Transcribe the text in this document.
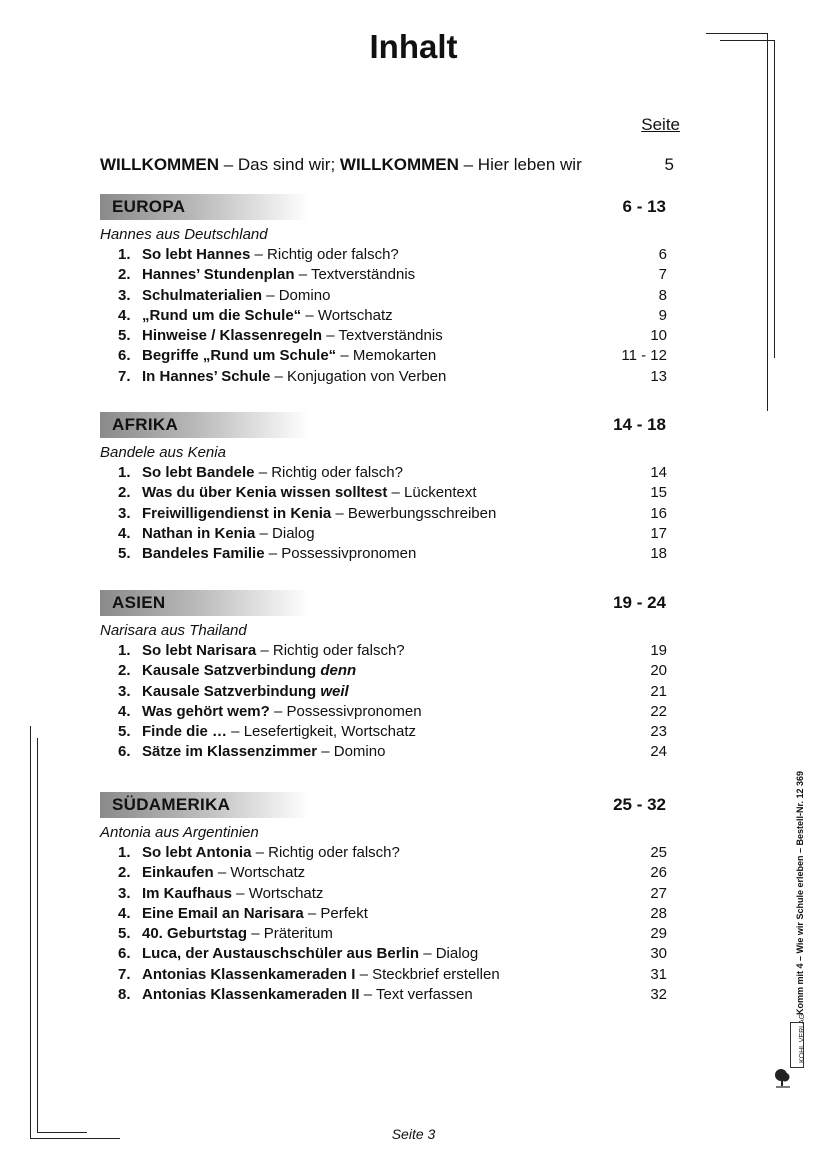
Inhalt
Seite
WILLKOMMEN – Das sind wir; WILLKOMMEN – Hier leben wir	5
EUROPA	6 - 13
Hannes aus Deutschland
1. So lebt Hannes – Richtig oder falsch?	6
2. Hannes’ Stundenplan – Textverständnis	7
3. Schulmaterialien – Domino	8
4. „Rund um die Schule“ – Wortschatz	9
5. Hinweise / Klassenregeln – Textverständnis	10
6. Begriffe „Rund um Schule“ – Memokarten	11 - 12
7. In Hannes’ Schule – Konjugation von Verben	13
AFRIKA	14 - 18
Bandele aus Kenia
1. So lebt Bandele – Richtig oder falsch?	14
2. Was du über Kenia wissen solltest – Lückentext	15
3. Freiwilligendienst in Kenia – Bewerbungsschreiben	16
4. Nathan in Kenia – Dialog	17
5. Bandeles Familie – Possessivpronomen	18
ASIEN	19 - 24
Narisara aus Thailand
1. So lebt Narisara – Richtig oder falsch?	19
2. Kausale Satzverbindung denn	20
3. Kausale Satzverbindung weil	21
4. Was gehört wem? – Possessivpronomen	22
5. Finde die … – Lesefertigkeit, Wortschatz	23
6. Sätze im Klassenzimmer – Domino	24
SÜDAMERIKA	25 - 32
Antonia aus Argentinien
1. So lebt Antonia – Richtig oder falsch?	25
2. Einkaufen – Wortschatz	26
3. Im Kaufhaus – Wortschatz	27
4. Eine Email an Narisara – Perfekt	28
5. 40. Geburtstag – Präteritum	29
6. Luca, der Austauschschüler aus Berlin – Dialog	30
7. Antonias Klassenkameraden I – Steckbrief erstellen	31
8. Antonias Klassenkameraden II – Text verfassen	32	Komm mit 4 – Wie wir Schule erleben – Bestell-Nr. 12 369
KOHL VERLAG
Seite 3
